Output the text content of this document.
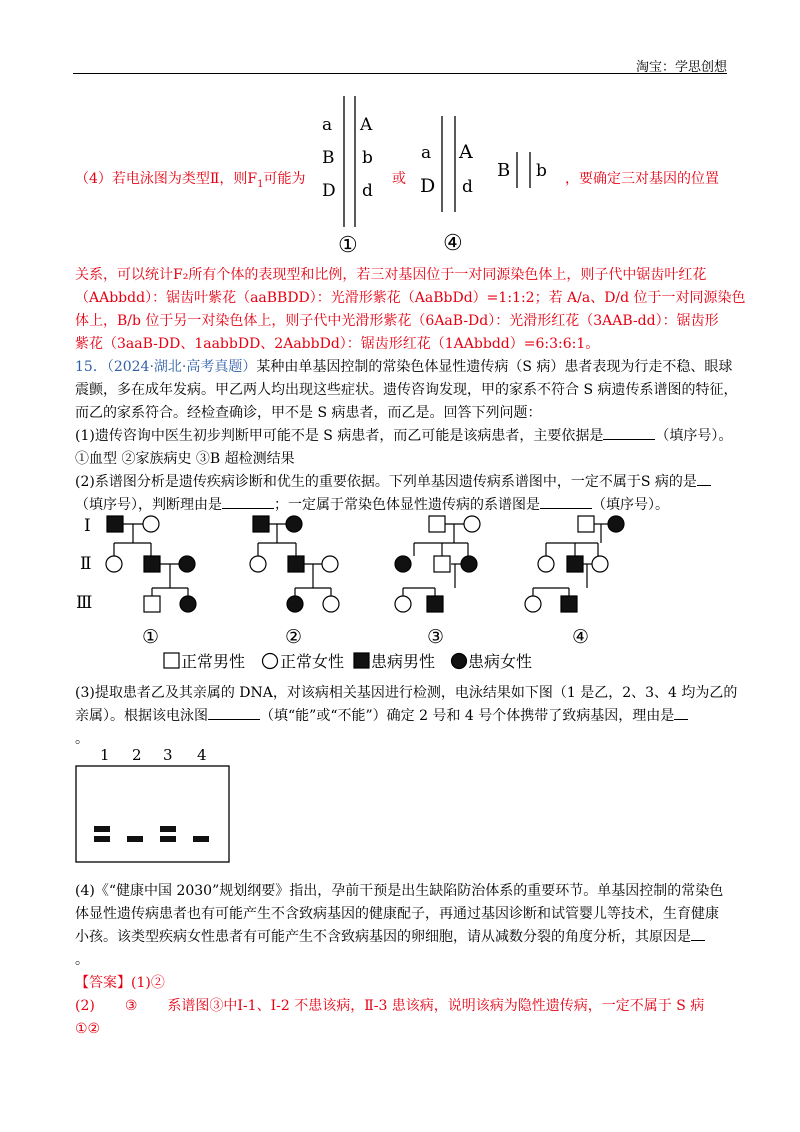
淘宝：学思创想
（4）若电泳图为类型Ⅱ，则$F_1$可能为
a
B
D
A
b
d
①
或
a
D
A
d
B b
④
，要确定三对基因的位置
关系，可以统计F₂所有个体的表现型和比例，若三对基因位于一对同源染色体上，则子代中锯齿叶红花
（AAbbdd）：锯齿叶紫花（aaBBDD）：光滑形紫花（AaBbDd）=1:1:2；若 A/a、D/d 位于一对同源染色
体上，B/b 位于另一对染色体上，则子代中光滑形紫花（6AaB-Dd）：光滑形红花（3AAB-dd）：锯齿形
紫花（3aaB-DD、1aabbDD、2AabbDd）：锯齿形红花（1AAbbdd）=6:3:6:1。
15．（2024·湖北·高考真题）某种由单基因控制的常染色体显性遗传病（S 病）患者表现为行走不稳、眼球
震颤，多在成年发病。甲乙两人均出现这些症状。遗传咨询发现，甲的家系不符合 S 病遗传系谱图的特征，
而乙的家系符合。经检查确诊，甲不是 S 病患者，而乙是。回答下列问题：
(1)遗传咨询中医生初步判断甲可能不是 S 病患者，而乙可能是该病患者，主要依据是	（填序号）。
①血型 ②家族病史 ③B 超检测结果
(2)系谱图分析是遗传疾病诊断和优生的重要依据。下列单基因遗传病系谱图中，一定不属于S 病的是
（填序号），判断理由是	；一定属于常染色体显性遗传病的系谱图是	（填序号）。
Ⅰ
Ⅱ
Ⅲ
①	②	③	④
正常男性 正常女性 患病男性 患病女性
(3)提取患者乙及其亲属的 DNA，对该病相关基因进行检测，电泳结果如下图（1 是乙，2、3、4 均为乙的
亲属）。根据该电泳图	（填“能”或“不能”）确定 2 号和 4 号个体携带了致病基因，理由是
。
1 2 3 4
(4)《“健康中国 2030”规划纲要》指出，孕前干预是出生缺陷防治体系的重要环节。单基因控制的常染色
体显性遗传病患者也有可能产生不含致病基因的健康配子，再通过基因诊断和试管婴儿等技术，生育健康
小孩。该类型疾病女性患者有可能产生不含致病基因的卵细胞，请从减数分裂的角度分析，其原因是
。
【答案】(1)②
(2) ③ 系谱图③中Ⅰ-1、Ⅰ-2 不患该病，Ⅱ-3 患该病，说明该病为隐性遗传病，一定不属于 S 病
①②
